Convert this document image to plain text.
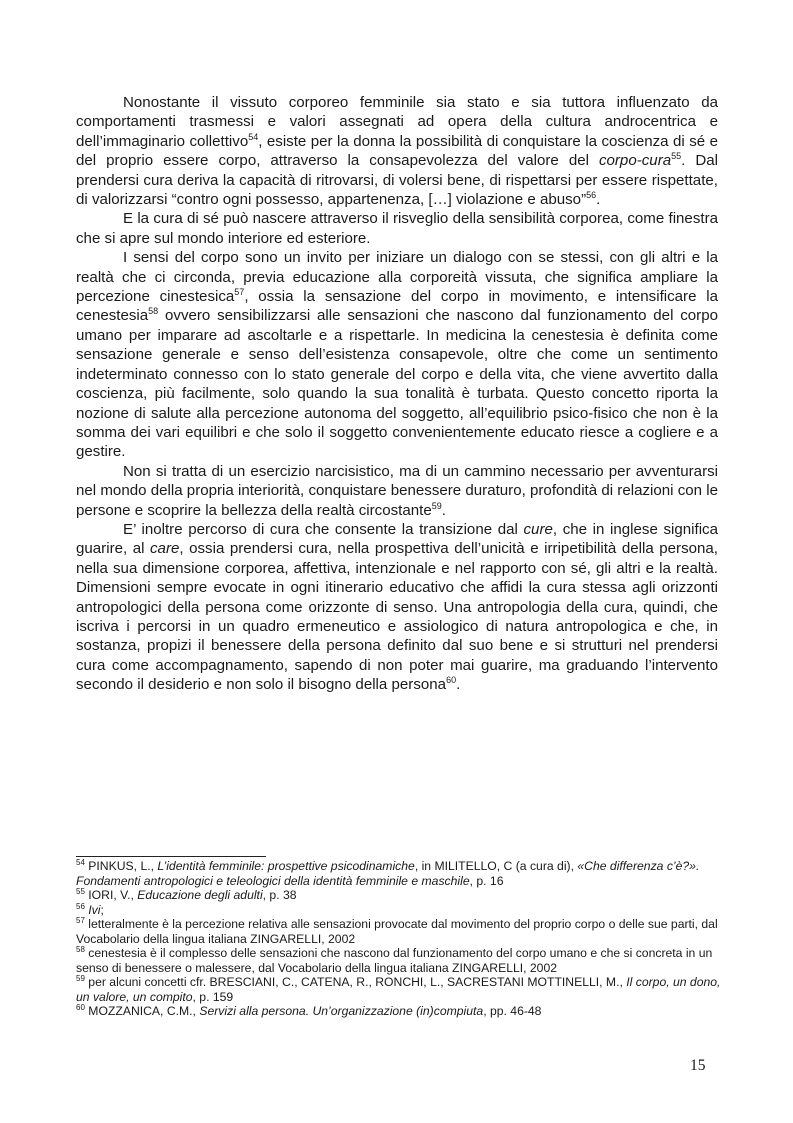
Nonostante il vissuto corporeo femminile sia stato e sia tuttora influenzato da comportamenti trasmessi e valori assegnati ad opera della cultura androcentrica e dell’immaginario collettivo$^{54}$, esiste per la donna la possibilità di conquistare la coscienza di sé e del proprio essere corpo, attraverso la consapevolezza del valore del corpo-cura$^{55}$. Dal prendersi cura deriva la capacità di ritrovarsi, di volersi bene, di rispettarsi per essere rispettate, di valorizzarsi “contro ogni possesso, appartenenza, […] violazione e abuso”$^{56}$.

E la cura di sé può nascere attraverso il risveglio della sensibilità corporea, come finestra che si apre sul mondo interiore ed esteriore.

I sensi del corpo sono un invito per iniziare un dialogo con se stessi, con gli altri e la realtà che ci circonda, previa educazione alla corporeità vissuta, che significa ampliare la percezione cinestesica$^{57}$, ossia la sensazione del corpo in movimento, e intensificare la cenestesia$^{58}$ ovvero sensibilizzarsi alle sensazioni che nascono dal funzionamento del corpo umano per imparare ad ascoltarle e a rispettarle. In medicina la cenestesia è definita come sensazione generale e senso dell’esistenza consapevole, oltre che come un sentimento indeterminato connesso con lo stato generale del corpo e della vita, che viene avvertito dalla coscienza, più facilmente, solo quando la sua tonalità è turbata. Questo concetto riporta la nozione di salute alla percezione autonoma del soggetto, all’equilibrio psico-fisico che non è la somma dei vari equilibri e che solo il soggetto convenientemente educato riesce a cogliere e a gestire.

Non si tratta di un esercizio narcisistico, ma di un cammino necessario per avventurarsi nel mondo della propria interiorità, conquistare benessere duraturo, profondità di relazioni con le persone e scoprire la bellezza della realtà circostante$^{59}$.

E’ inoltre percorso di cura che consente la transizione dal cure, che in inglese significa guarire, al care, ossia prendersi cura, nella prospettiva dell’unicità e irripetibilità della persona, nella sua dimensione corporea, affettiva, intenzionale e nel rapporto con sé, gli altri e la realtà. Dimensioni sempre evocate in ogni itinerario educativo che affidi la cura stessa agli orizzonti antropologici della persona come orizzonte di senso. Una antropologia della cura, quindi, che iscriva i percorsi in un quadro ermeneutico e assiologico di natura antropologica e che, in sostanza, propizi il benessere della persona definito dal suo bene e si strutturi nel prendersi cura come accompagnamento, sapendo di non poter mai guarire, ma graduando l’intervento secondo il desiderio e non solo il bisogno della persona$^{60}$.

$^{54}$ PINKUS, L., L’identità femminile: prospettive psicodinamiche, in MILITELLO, C (a cura di), «Che differenza c’è?». Fondamenti antropologici e teleologici della identità femminile e maschile, p. 16

$^{55}$ IORI, V., Educazione degli adulti, p. 38

$^{56}$ Ivi;

$^{57}$ letteralmente è la percezione relativa alle sensazioni provocate dal movimento del proprio corpo o delle sue parti, dal Vocabolario della lingua italiana ZINGARELLI, 2002

$^{58}$ cenestesia è il complesso delle sensazioni che nascono dal funzionamento del corpo umano e che si concreta in un senso di benessere o malessere, dal Vocabolario della lingua italiana ZINGARELLI, 2002

$^{59}$ per alcuni concetti cfr. BRESCIANI, C., CATENA, R., RONCHI, L., SACRESTANI MOTTINELLI, M., Il corpo, un dono, un valore, un compito, p. 159

$^{60}$ MOZZANICA, C.M., Servizi alla persona. Un’organizzazione (in)compiuta, pp. 46-48

15
